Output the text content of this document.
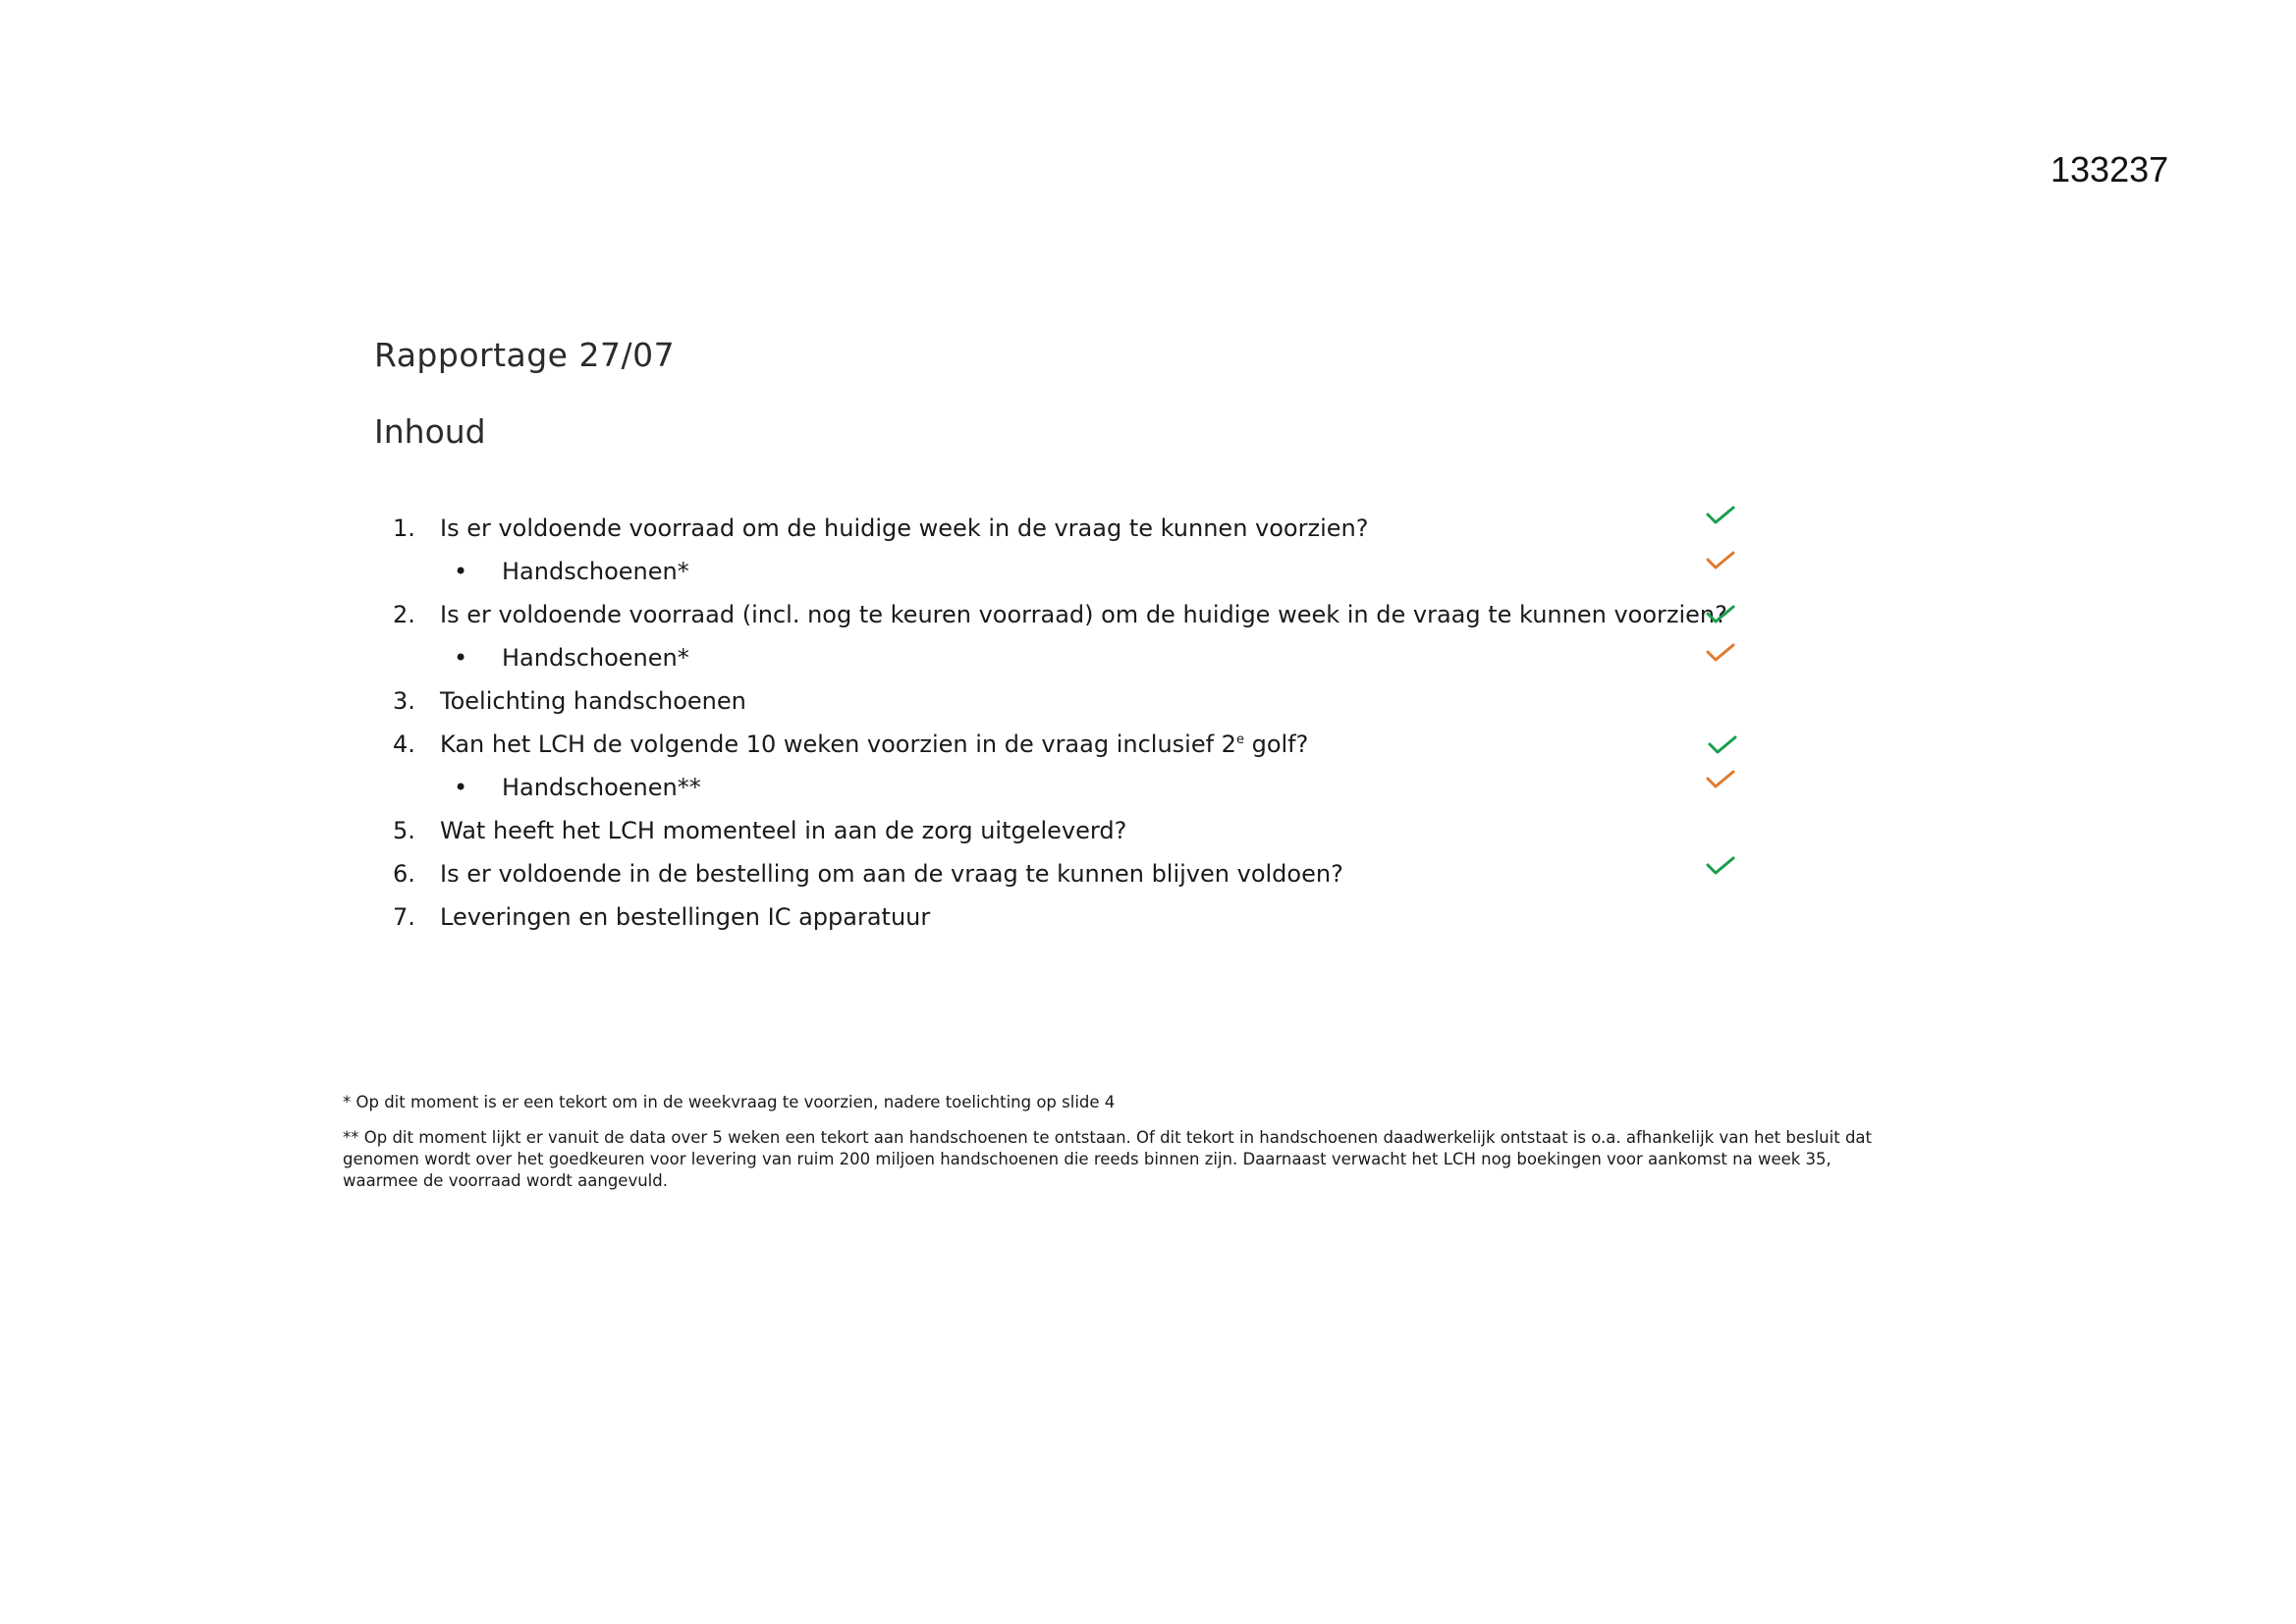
133237
Rapportage 27/07
Inhoud
1. Is er voldoende voorraad om de huidige week in de vraag te kunnen voorzien?
• Handschoenen*
2. Is er voldoende voorraad (incl. nog te keuren voorraad) om de huidige week in de vraag te kunnen voorzien?
• Handschoenen*
3. Toelichting handschoenen
4. Kan het LCH de volgende 10 weken voorzien in de vraag inclusief 2e golf?
• Handschoenen**
5. Wat heeft het LCH momenteel in aan de zorg uitgeleverd?
6. Is er voldoende in de bestelling om aan de vraag te kunnen blijven voldoen?
7. Leveringen en bestellingen IC apparatuur

* Op dit moment is er een tekort om in de weekvraag te voorzien, nadere toelichting op slide 4

** Op dit moment lijkt er vanuit de data over 5 weken een tekort aan handschoenen te ontstaan. Of dit tekort in handschoenen daadwerkelijk ontstaat is o.a. afhankelijk van het besluit dat genomen wordt over het goedkeuren voor levering van ruim 200 miljoen handschoenen die reeds binnen zijn. Daarnaast verwacht het LCH nog boekingen voor aankomst na week 35, waarmee de voorraad wordt aangevuld.
